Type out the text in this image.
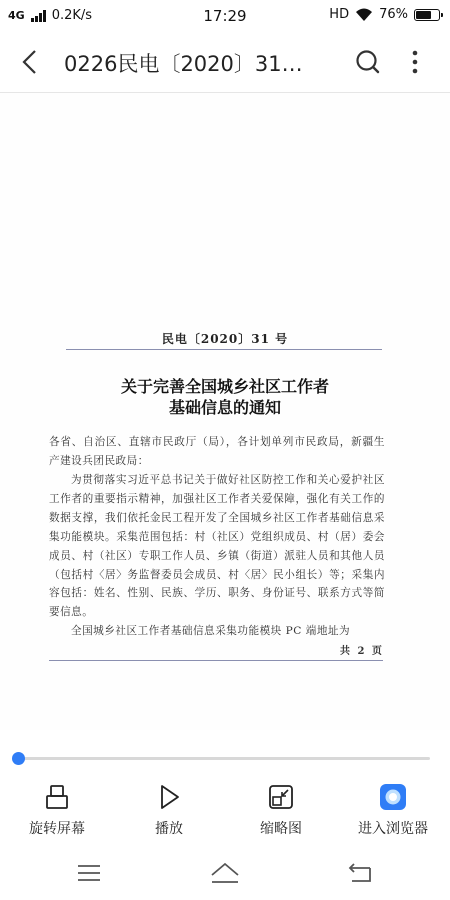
4G 0.2K/s	17:29	HD 76%
0226民电〔2020〕31…
民电〔2020〕31 号
关于完善全国城乡社区工作者
基础信息的通知
各省、自治区、直辖市民政厅（局），各计划单列市民政局，新疆生产建设兵团民政局：
为贯彻落实习近平总书记关于做好社区防控工作和关心爱护社区工作者的重要指示精神，加强社区工作者关爱保障，强化有关工作的数据支撑，我们依托金民工程开发了全国城乡社区工作者基础信息采集功能模块。采集范围包括：村（社区）党组织成员、村（居）委会成员、村（社区）专职工作人员、乡镇（街道）派驻人员和其他人员（包括村〈居〉务监督委员会成员、村〈居〉民小组长）等；采集内容包括：姓名、性别、民族、学历、职务、身份证号、联系方式等简要信息。
全国城乡社区工作者基础信息采集功能模块 PC 端地址为
共 2 页
旋转屏幕	播放	缩略图	进入浏览器
